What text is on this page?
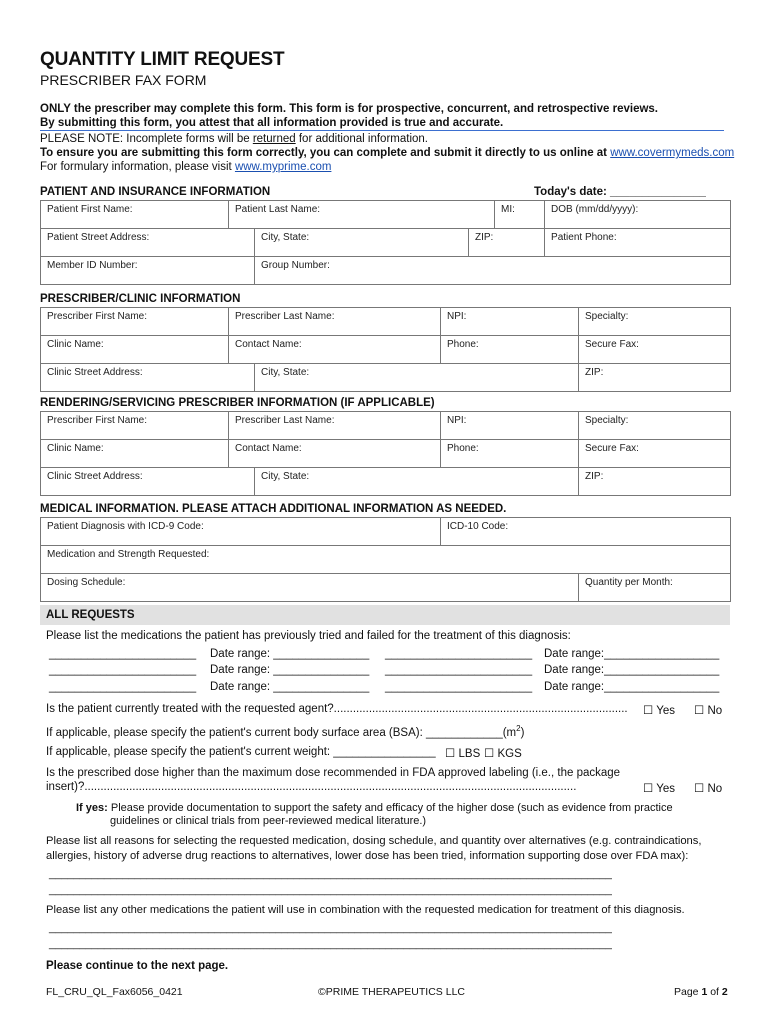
QUANTITY LIMIT REQUEST
PRESCRIBER FAX FORM
ONLY the prescriber may complete this form. This form is for prospective, concurrent, and retrospective reviews.
By submitting this form, you attest that all information provided is true and accurate.
PLEASE NOTE: Incomplete forms will be returned for additional information.
To ensure you are submitting this form correctly, you can complete and submit it directly to us online at www.covermymeds.com
For formulary information, please visit www.myprime.com
PATIENT AND INSURANCE INFORMATION	Today's date: _______________
Patient First Name:	Patient Last Name:			MI:	DOB (mm/dd/yyyy):
Patient Street Address:		City, State:	ZIP:		Patient Phone:
Member ID Number:		Group Number:			
PRESCRIBER/CLINIC INFORMATION
Prescriber First Name:	Prescriber Last Name:		NPI:	Specialty:
Clinic Name:	Contact Name:		Phone:	Secure Fax:
Clinic Street Address:		City, State:		ZIP:
RENDERING/SERVICING PRESCRIBER INFORMATION (IF APPLICABLE)
Prescriber First Name:	Prescriber Last Name:		NPI:	Specialty:
Clinic Name:	Contact Name:		Phone:	Secure Fax:
Clinic Street Address:		City, State:		ZIP:
MEDICAL INFORMATION. PLEASE ATTACH ADDITIONAL INFORMATION AS NEEDED.
Patient Diagnosis with ICD-9 Code:	ICD-10 Code:	
Medication and Strength Requested:		
Dosing Schedule:		Quantity per Month:
ALL REQUESTS
Please list the medications the patient has previously tried and failed for the treatment of this diagnosis:
_______________________ Date range: _______________ _______________________ Date range:__________________
_______________________ Date range: _______________ _______________________ Date range:__________________
_______________________ Date range: _______________ _______________________ Date range:__________________
Is the patient currently treated with the requested agent?............................................................................................ ☐ Yes ☐ No
If applicable, please specify the patient's current body surface area (BSA): $\_\_\_\_\_\_\_\_\_\_\_\_(m^2)$
If applicable, please specify the patient's current weight: ________________ ☐ LBS ☐ KGS
Is the prescribed dose higher than the maximum dose recommended in FDA approved labeling (i.e., the package
insert)?..........................................................................................................................................................	☐ Yes ☐ No
If yes: Please provide documentation to support the safety and efficacy of the higher dose (such as evidence from practice
guidelines or clinical trials from peer-reviewed medical literature.)
Please list all reasons for selecting the requested medication, dosing schedule, and quantity over alternatives (e.g. contraindications,
allergies, history of adverse drug reactions to alternatives, lower dose has been tried, information supporting dose over FDA max):
____________________________________________________________________________________________
____________________________________________________________________________________________
Please list any other medications the patient will use in combination with the requested medication for treatment of this diagnosis.
____________________________________________________________________________________________
____________________________________________________________________________________________
Please continue to the next page.
FL_CRU_QL_Fax6056_0421	©PRIME THERAPEUTICS LLC	Page 1 of 2
